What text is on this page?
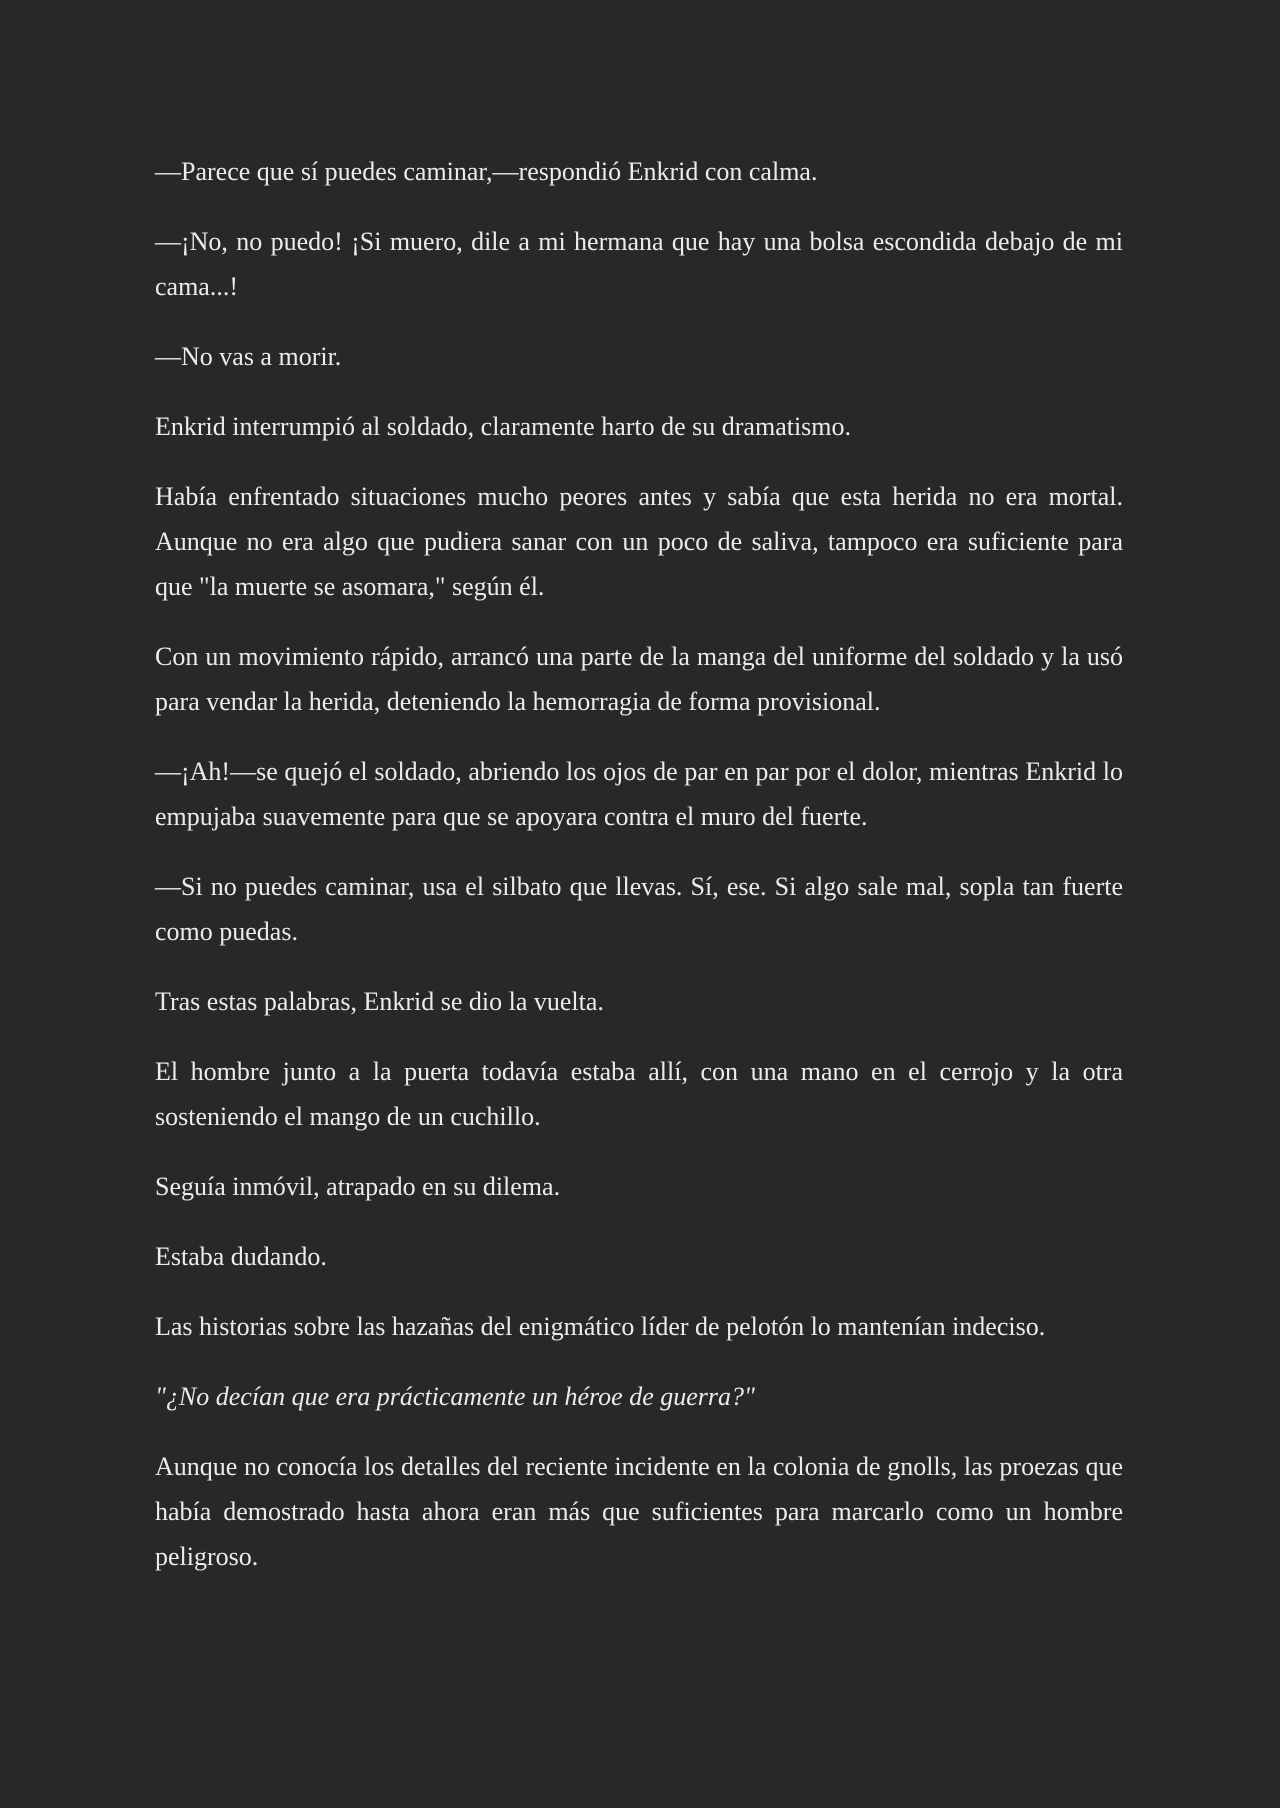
—Parece que sí puedes caminar,—respondió Enkrid con calma.

—¡No, no puedo! ¡Si muero, dile a mi hermana que hay una bolsa escondida debajo de mi cama...!

—No vas a morir.

Enkrid interrumpió al soldado, claramente harto de su dramatismo.

Había enfrentado situaciones mucho peores antes y sabía que esta herida no era mortal. Aunque no era algo que pudiera sanar con un poco de saliva, tampoco era suficiente para que "la muerte se asomara," según él.

Con un movimiento rápido, arrancó una parte de la manga del uniforme del soldado y la usó para vendar la herida, deteniendo la hemorragia de forma provisional.

—¡Ah!—se quejó el soldado, abriendo los ojos de par en par por el dolor, mientras Enkrid lo empujaba suavemente para que se apoyara contra el muro del fuerte.

—Si no puedes caminar, usa el silbato que llevas. Sí, ese. Si algo sale mal, sopla tan fuerte como puedas.

Tras estas palabras, Enkrid se dio la vuelta.

El hombre junto a la puerta todavía estaba allí, con una mano en el cerrojo y la otra sosteniendo el mango de un cuchillo.

Seguía inmóvil, atrapado en su dilema.

Estaba dudando.

Las historias sobre las hazañas del enigmático líder de pelotón lo mantenían indeciso.

"¿No decían que era prácticamente un héroe de guerra?"

Aunque no conocía los detalles del reciente incidente en la colonia de gnolls, las proezas que había demostrado hasta ahora eran más que suficientes para marcarlo como un hombre peligroso.
